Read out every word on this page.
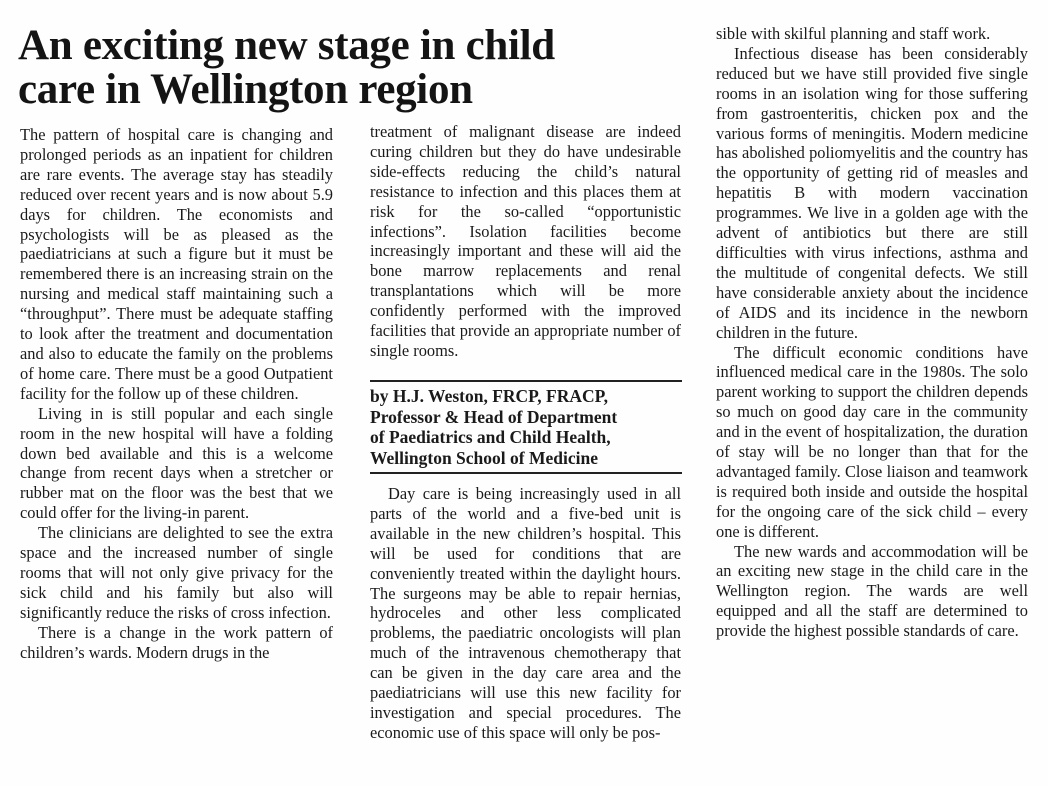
An exciting new stage in child
care in Wellington region

The pattern of hospital care is changing and prolonged periods as an inpatient for children are rare events. The average stay has steadily reduced over recent years and is now about 5.9 days for children. The economists and psychologists will be as pleased as the paediatricians at such a figure but it must be remembered there is an increasing strain on the nursing and medical staff maintaining such a “throughput”. There must be adequate staffing to look after the treatment and documentation and also to educate the family on the problems of home care. There must be a good Outpatient facility for the follow up of these children.

Living in is still popular and each single room in the new hospital will have a folding down bed available and this is a welcome change from recent days when a stretcher or rubber mat on the floor was the best that we could offer for the living-in parent.

The clinicians are delighted to see the extra space and the increased number of single rooms that will not only give privacy for the sick child and his family but also will significantly reduce the risks of cross infection.

There is a change in the work pattern of children’s wards. Modern drugs in the

treatment of malignant disease are indeed curing children but they do have undesirable side-effects reducing the child’s natural resistance to infection and this places them at risk for the so-called “opportunistic infections”. Isolation facilities become increasingly important and these will aid the bone marrow replacements and renal transplantations which will be more confidently performed with the improved facilities that provide an appropriate number of single rooms.

by H.J. Weston, FRCP, FRACP,
Professor & Head of Department
of Paediatrics and Child Health,
Wellington School of Medicine

Day care is being increasingly used in all parts of the world and a five-bed unit is available in the new children’s hospital. This will be used for conditions that are conveniently treated within the daylight hours. The surgeons may be able to repair hernias, hydroceles and other less complicated problems, the paediatric oncologists will plan much of the intravenous chemotherapy that can be given in the day care area and the paediatricians will use this new facility for investigation and special procedures. The economic use of this space will only be pos-

sible with skilful planning and staff work.

Infectious disease has been considerably reduced but we have still provided five single rooms in an isolation wing for those suffering from gastroenteritis, chicken pox and the various forms of meningitis. Modern medicine has abolished poliomyelitis and the country has the opportunity of getting rid of measles and hepatitis B with modern vaccination programmes. We live in a golden age with the advent of antibiotics but there are still difficulties with virus infections, asthma and the multitude of congenital defects. We still have considerable anxiety about the incidence of AIDS and its incidence in the newborn children in the future.

The difficult economic conditions have influenced medical care in the 1980s. The solo parent working to support the children depends so much on good day care in the community and in the event of hospitalization, the duration of stay will be no longer than that for the advantaged family. Close liaison and teamwork is required both inside and outside the hospital for the ongoing care of the sick child – every one is different.

The new wards and accommodation will be an exciting new stage in the child care in the Wellington region. The wards are well equipped and all the staff are determined to provide the highest possible standards of care.
